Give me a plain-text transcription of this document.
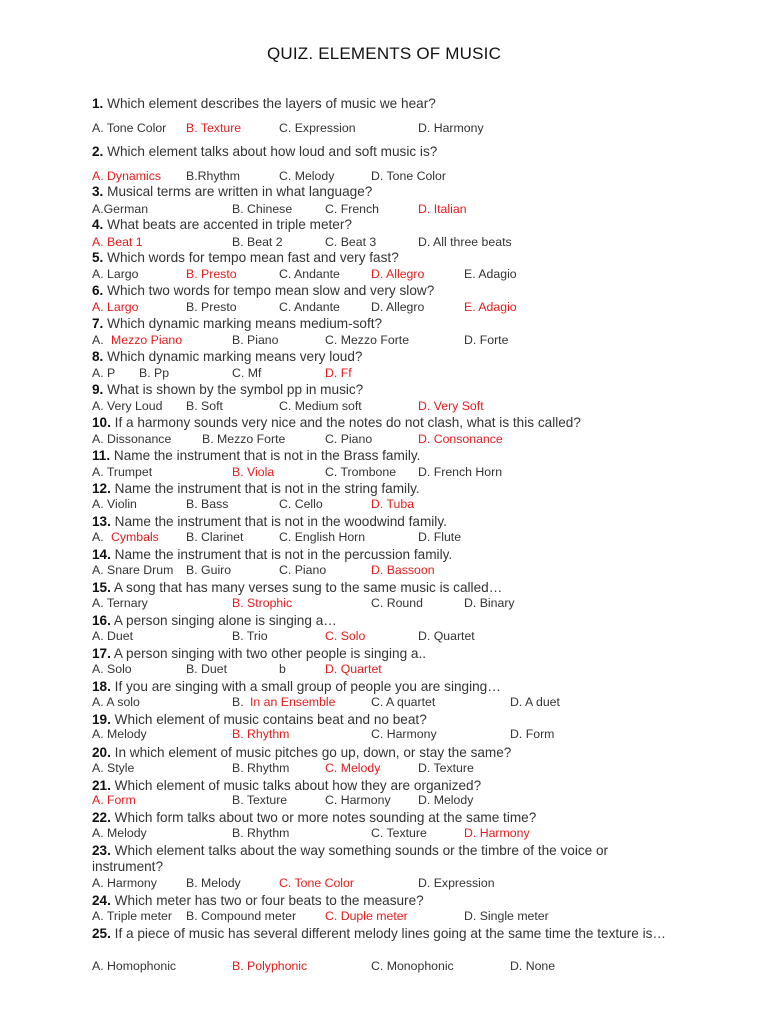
QUIZ. ELEMENTS OF MUSIC
1. Which element describes the layers of music we hear?
A. Tone Color B. Texture	C. Expression	D. Harmony
2. Which element talks about how loud and soft music is?
A. Dynamics B.Rhythm	C. Melody	D. Tone Color
3. Musical terms are written in what language?
A.German	B. Chinese	C. French	D. Italian
4. What beats are accented in triple meter?
A. Beat 1	B. Beat 2	C. Beat 3	D. All three beats
5. Which words for tempo mean fast and very fast?
A. Largo	B. Presto	C. Andante	D. Allegro	E. Adagio
6. Which two words for tempo mean slow and very slow?
A. Largo	B. Presto	C. Andante	D. Allegro	E. Adagio
7. Which dynamic marking means medium-soft?
A. Mezzo Piano	B. Piano	C. Mezzo Forte	D. Forte
8. Which dynamic marking means very loud?
A. P B. Pp	C. Mf	D. Ff
9. What is shown by the symbol pp in music?
A. Very Loud B. Soft	C. Medium soft	D. Very Soft
10. If a harmony sounds very nice and the notes do not clash, what is this called?
A. Dissonance B. Mezzo Forte	C. Piano	D. Consonance
11. Name the instrument that is not in the Brass family.
A. Trumpet	B. Viola	C. Trombone D. French Horn
12. Name the instrument that is not in the string family.
A. Violin	B. Bass	C. Cello	D. Tuba
13. Name the instrument that is not in the woodwind family.
A. Cymbals B. Clarinet	C. English Horn	D. Flute
14. Name the instrument that is not in the percussion family.
A. Snare Drum B. Guiro	C. Piano	D. Bassoon
15. A song that has many verses sung to the same music is called…
A. Ternary	B. Strophic	C. Round	D. Binary
16. A person singing alone is singing a…
A. Duet	B. Trio	C. Solo	D. Quartet
17. A person singing with two other people is singing a..
A. Solo	B. Duet	b	D. Quartet
18. If you are singing with a small group of people you are singing…
A. A solo	B. In an Ensemble	C. A quartet	D. A duet
19. Which element of music contains beat and no beat?
A. Melody	B. Rhythm	C. Harmony	D. Form
20. In which element of music pitches go up, down, or stay the same?
A. Style	B. Rhythm	C. Melody	D. Texture
21. Which element of music talks about how they are organized?
A. Form	B. Texture	C. Harmony D. Melody
22. Which form talks about two or more notes sounding at the same time?
A. Melody	B. Rhythm	C. Texture	D. Harmony
23. Which element talks about the way something sounds or the timbre of the voice or instrument?
A. Harmony B. Melody	C. Tone Color	D. Expression
24. Which meter has two or four beats to the measure?
A. Triple meter B. Compound meter C. Duple meter	D. Single meter
25. If a piece of music has several different melody lines going at the same time the texture is…
A. Homophonic	B. Polyphonic	C. Monophonic	D. None
